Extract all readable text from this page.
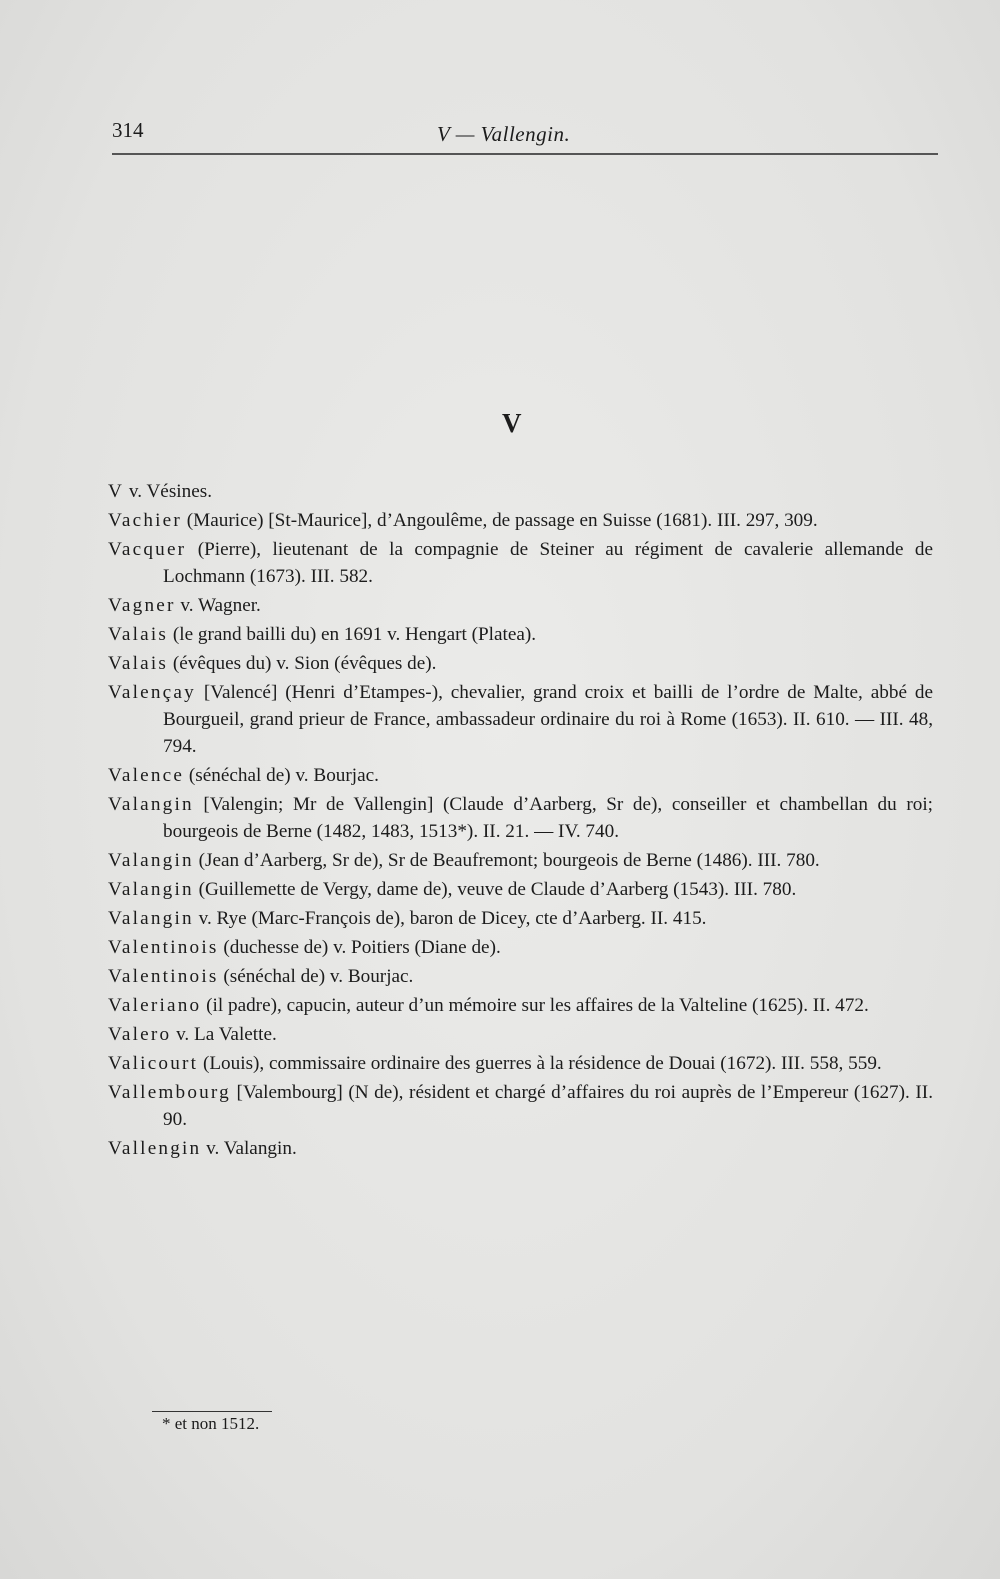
314	V — Vallengin.
V

V v. Vésines.

Vachier (Maurice) [St-Maurice], d’Angoulême, de passage en Suisse (1681). III. 297, 309.

Vacquer (Pierre), lieutenant de la compagnie de Steiner au régiment de cavalerie allemande de Lochmann (1673). III. 582.

Vagner v. Wagner.

Valais (le grand bailli du) en 1691 v. Hengart (Platea).

Valais (évêques du) v. Sion (évêques de).

Valençay [Valencé] (Henri d’Etampes-), chevalier, grand croix et bailli de l’ordre de Malte, abbé de Bourgueil, grand prieur de France, ambassadeur ordinaire du roi à Rome (1653). II. 610. — III. 48, 794.

Valence (sénéchal de) v. Bourjac.

Valangin [Valengin; Mr de Vallengin] (Claude d’Aarberg, Sr de), conseiller et chambellan du roi; bourgeois de Berne (1482, 1483, 1513*). II. 21. — IV. 740.

Valangin (Jean d’Aarberg, Sr de), Sr de Beaufremont; bourgeois de Berne (1486). III. 780.

Valangin (Guillemette de Vergy, dame de), veuve de Claude d’Aarberg (1543). III. 780.

Valangin v. Rye (Marc-François de), baron de Dicey, cte d’Aarberg. II. 415.

Valentinois (duchesse de) v. Poitiers (Diane de).

Valentinois (sénéchal de) v. Bourjac.

Valeriano (il padre), capucin, auteur d’un mémoire sur les affaires de la Valteline (1625). II. 472.

Valero v. La Valette.

Valicourt (Louis), commissaire ordinaire des guerres à la résidence de Douai (1672). III. 558, 559.

Vallembourg [Valembourg] (N de), résident et chargé d’affaires du roi auprès de l’Empereur (1627). II. 90.

Vallengin v. Valangin.

* et non 1512.
